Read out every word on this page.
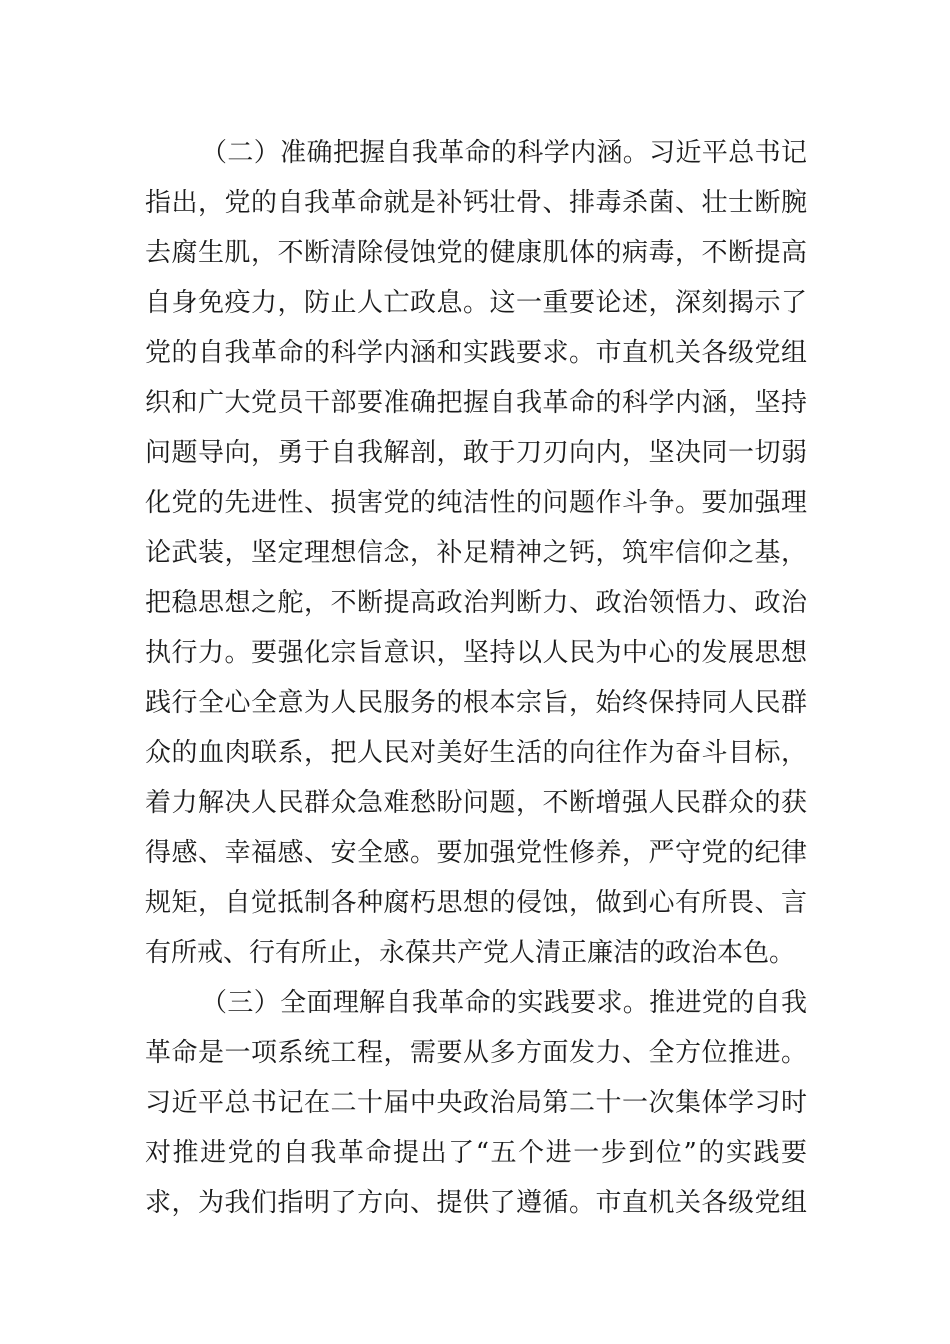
（二）准确把握自我革命的科学内涵。习近平总书记
指出，党的自我革命就是补钙壮骨、排毒杀菌、壮士断腕
去腐生肌，不断清除侵蚀党的健康肌体的病毒，不断提高
自身免疫力，防止人亡政息。这一重要论述，深刻揭示了
党的自我革命的科学内涵和实践要求。市直机关各级党组
织和广大党员干部要准确把握自我革命的科学内涵，坚持
问题导向，勇于自我解剖，敢于刀刃向内，坚决同一切弱
化党的先进性、损害党的纯洁性的问题作斗争。要加强理
论武装，坚定理想信念，补足精神之钙，筑牢信仰之基，
把稳思想之舵，不断提高政治判断力、政治领悟力、政治
执行力。要强化宗旨意识，坚持以人民为中心的发展思想
践行全心全意为人民服务的根本宗旨，始终保持同人民群
众的血肉联系，把人民对美好生活的向往作为奋斗目标，
着力解决人民群众急难愁盼问题，不断增强人民群众的获
得感、幸福感、安全感。要加强党性修养，严守党的纪律
规矩，自觉抵制各种腐朽思想的侵蚀，做到心有所畏、言
有所戒、行有所止，永葆共产党人清正廉洁的政治本色。
（三）全面理解自我革命的实践要求。推进党的自我
革命是一项系统工程，需要从多方面发力、全方位推进。
习近平总书记在二十届中央政治局第二十一次集体学习时
对推进党的自我革命提出了“五个进一步到位”的实践要
求，为我们指明了方向、提供了遵循。市直机关各级党组
